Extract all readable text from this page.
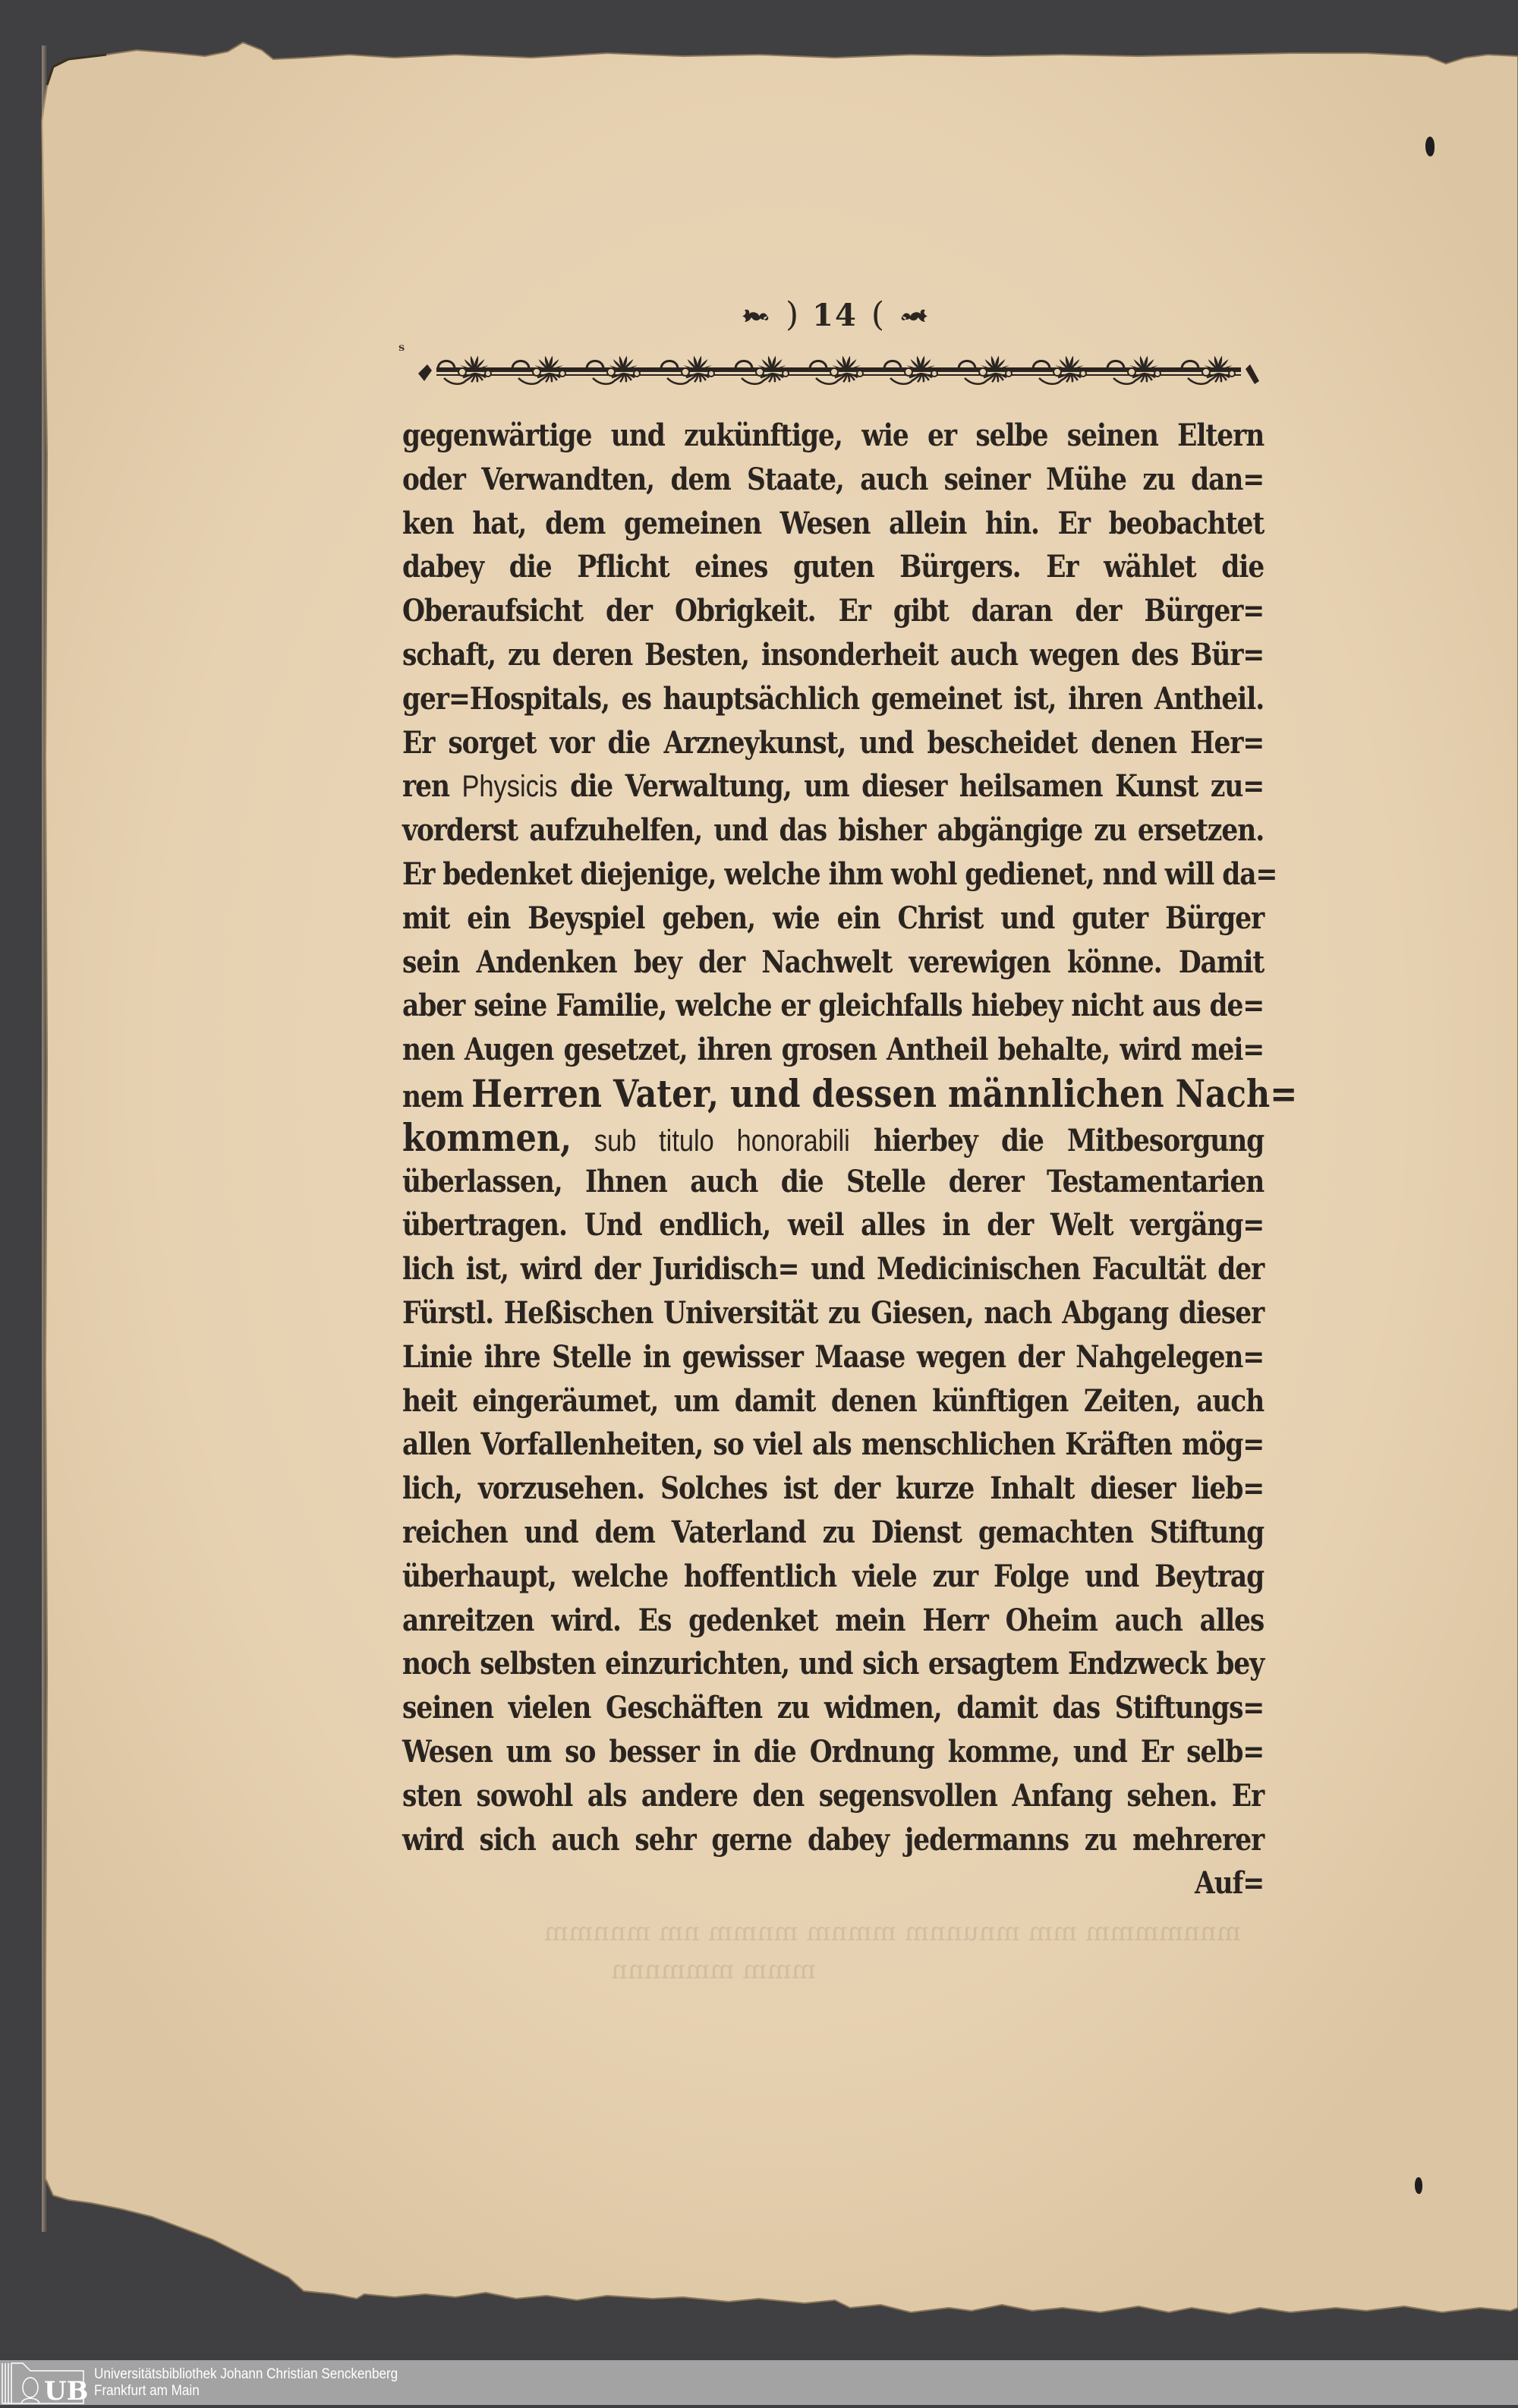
) 14 (
ᵀ
gegenwärtige und zukünftige, wie er selbe seinen Eltern
oder Verwandten, dem Staate, auch seiner Mühe zu dan=
ken hat, dem gemeinen Wesen allein hin. Er beobachtet
dabey die Pflicht eines guten Bürgers. Er wählet die
Oberaufsicht der Obrigkeit. Er gibt daran der Bürger=
schaft, zu deren Besten, insonderheit auch wegen des Bür=
ger=Hospitals, es hauptsächlich gemeinet ist, ihren Antheil.
Er sorget vor die Arzneykunst, und bescheidet denen Her=
ren Physicis die Verwaltung, um dieser heilsamen Kunst zu=
vorderst aufzuhelfen, und das bisher abgängige zu ersetzen.
Er bedenket diejenige, welche ihm wohl gedienet, nnd will da=
mit ein Beyspiel geben, wie ein Christ und guter Bürger
sein Andenken bey der Nachwelt verewigen könne. Damit
aber seine Familie, welche er gleichfalls hiebey nicht aus de=
nen Augen gesetzet, ihren grosen Antheil behalte, wird mei=
nem Herren Vater, und dessen männlichen Nach=
kommen, sub titulo honorabili hierbey die Mitbesorgung
überlassen, Ihnen auch die Stelle derer Testamentarien
übertragen. Und endlich, weil alles in der Welt vergäng=
lich ist, wird der Juridisch= und Medicinischen Facultät der
Fürstl. Heßischen Universität zu Giesen, nach Abgang dieser
Linie ihre Stelle in gewisser Maase wegen der Nahgelegen=
heit eingeräumet, um damit denen künftigen Zeiten, auch
allen Vorfallenheiten, so viel als menschlichen Kräften mög=
lich, vorzusehen. Solches ist der kurze Inhalt dieser lieb=
reichen und dem Vaterland zu Dienst gemachten Stiftung
überhaupt, welche hoffentlich viele zur Folge und Beytrag
anreitzen wird. Es gedenket mein Herr Oheim auch alles
noch selbsten einzurichten, und sich ersagtem Endzweck bey
seinen vielen Geschäften zu widmen, damit das Stiftungs=
Wesen um so besser in die Ordnung komme, und Er selb=
sten sowohl als andere den segensvollen Anfang sehen. Er
wird sich auch sehr gerne dabey jedermanns zu mehrerer
Auf=
mnnmmmm mm mnunnm mmnm mnmm nm mnnmm
mmm mmmnnn
UB
Universitätsbibliothek Johann Christian Senckenberg
Frankfurt am Main
